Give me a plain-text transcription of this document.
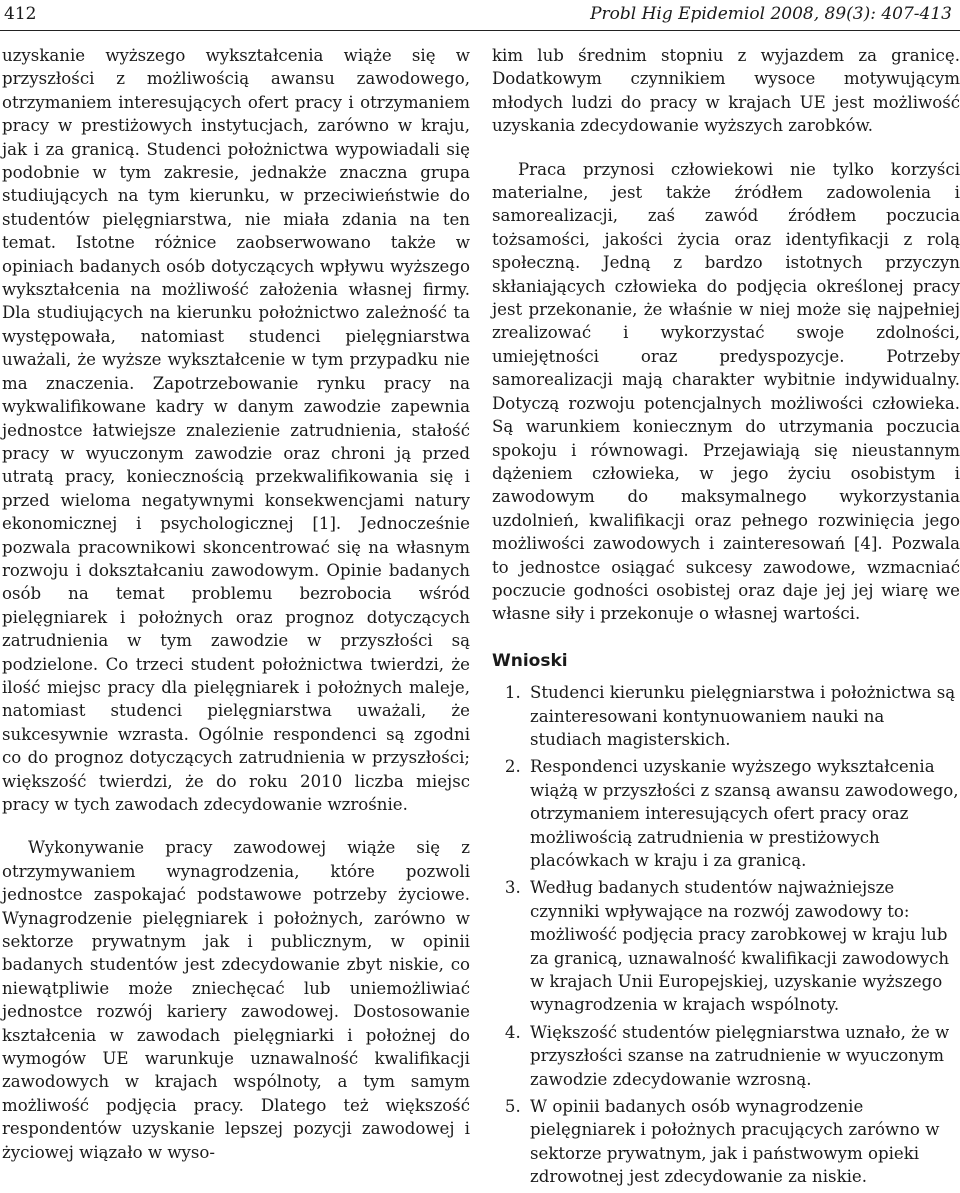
412	Probl Hig Epidemiol 2008, 89(3): 407-413

uzyskanie wyższego wykształcenia wiąże się w przyszłości z możliwością awansu zawodowego, otrzymaniem interesujących ofert pracy i otrzymaniem pracy w prestiżowych instytucjach, zarówno w kraju, jak i za granicą. Studenci położnictwa wypowiadali się podobnie w tym zakresie, jednakże znaczna grupa studiujących na tym kierunku, w przeciwieństwie do studentów pielęgniarstwa, nie miała zdania na ten temat. Istotne różnice zaobserwowano także w opiniach badanych osób dotyczących wpływu wyższego wykształcenia na możliwość założenia własnej firmy. Dla studiujących na kierunku położnictwo zależność ta występowała, natomiast studenci pielęgniarstwa uważali, że wyższe wykształcenie w tym przypadku nie ma znaczenia. Zapotrzebowanie rynku pracy na wykwalifikowane kadry w danym zawodzie zapewnia jednostce łatwiejsze znalezienie zatrudnienia, stałość pracy w wyuczonym zawodzie oraz chroni ją przed utratą pracy, koniecznością przekwalifikowania się i przed wieloma negatywnymi konsekwencjami natury ekonomicznej i psychologicznej [1]. Jednocześnie pozwala pracownikowi skoncentrować się na własnym rozwoju i dokształcaniu zawodowym. Opinie badanych osób na temat problemu bezrobocia wśród pielęgniarek i położnych oraz prognoz dotyczących zatrudnienia w tym zawodzie w przyszłości są podzielone. Co trzeci student położnictwa twierdzi, że ilość miejsc pracy dla pielęgniarek i położnych maleje, natomiast studenci pielęgniarstwa uważali, że sukcesywnie wzrasta. Ogólnie respondenci są zgodni co do prognoz dotyczących zatrudnienia w przyszłości; większość twierdzi, że do roku 2010 liczba miejsc pracy w tych zawodach zdecydowanie wzrośnie.

Wykonywanie pracy zawodowej wiąże się z otrzymywaniem wynagrodzenia, które pozwoli jednostce zaspokajać podstawowe potrzeby życiowe. Wynagrodzenie pielęgniarek i położnych, zarówno w sektorze prywatnym jak i publicznym, w opinii badanych studentów jest zdecydowanie zbyt niskie, co niewątpliwie może zniechęcać lub uniemożliwiać jednostce rozwój kariery zawodowej. Dostosowanie kształcenia w zawodach pielęgniarki i położnej do wymogów UE warunkuje uznawalność kwalifikacji zawodowych w krajach wspólnoty, a tym samym możliwość podjęcia pracy. Dlatego też większość respondentów uzyskanie lepszej pozycji zawodowej i życiowej wiązało w wyso-

kim lub średnim stopniu z wyjazdem za granicę. Dodatkowym czynnikiem wysoce motywującym młodych ludzi do pracy w krajach UE jest możliwość uzyskania zdecydowanie wyższych zarobków.

Praca przynosi człowiekowi nie tylko korzyści materialne, jest także źródłem zadowolenia i samorealizacji, zaś zawód źródłem poczucia tożsamości, jakości życia oraz identyfikacji z rolą społeczną. Jedną z bardzo istotnych przyczyn skłaniających człowieka do podjęcia określonej pracy jest przekonanie, że właśnie w niej może się najpełniej zrealizować i wykorzystać swoje zdolności, umiejętności oraz predyspozycje. Potrzeby samorealizacji mają charakter wybitnie indywidualny. Dotyczą rozwoju potencjalnych możliwości człowieka. Są warunkiem koniecznym do utrzymania poczucia spokoju i równowagi. Przejawiają się nieustannym dążeniem człowieka, w jego życiu osobistym i zawodowym do maksymalnego wykorzystania uzdolnień, kwalifikacji oraz pełnego rozwinięcia jego możliwości zawodowych i zainteresowań [4]. Pozwala to jednostce osiągać sukcesy zawodowe, wzmacniać poczucie godności osobistej oraz daje jej jej wiarę we własne siły i przekonuje o własnej wartości.

Wnioski
1. Studenci kierunku pielęgniarstwa i położnictwa są zainteresowani kontynuowaniem nauki na studiach magisterskich.
2. Respondenci uzyskanie wyższego wykształcenia wiążą w przyszłości z szansą awansu zawodowego, otrzymaniem interesujących ofert pracy oraz możliwością zatrudnienia w prestiżowych placówkach w kraju i za granicą.
3. Według badanych studentów najważniejsze czynniki wpływające na rozwój zawodowy to: możliwość podjęcia pracy zarobkowej w kraju lub za granicą, uznawalność kwalifikacji zawodowych w krajach Unii Europejskiej, uzyskanie wyższego wynagrodzenia w krajach wspólnoty.
4. Większość studentów pielęgniarstwa uznało, że w przyszłości szanse na zatrudnienie w wyuczonym zawodzie zdecydowanie wzrosną.
5. W opinii badanych osób wynagrodzenie pielęgniarek i położnych pracujących zarówno w sektorze prywatnym, jak i państwowym opieki zdrowotnej jest zdecydowanie za niskie.
